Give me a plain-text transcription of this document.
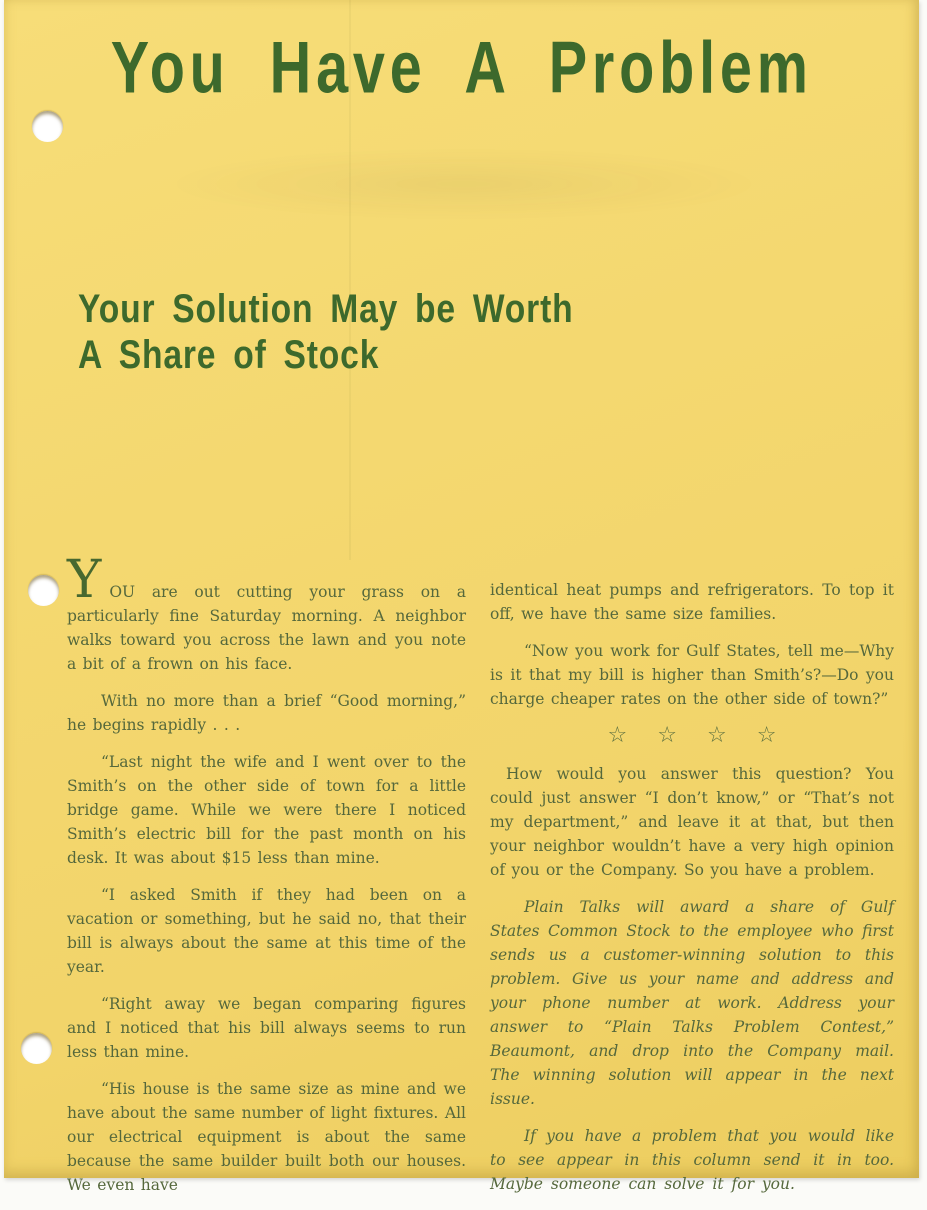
You Have A Problem
Your Solution May be Worth
A Share of Stock

YOU are out cutting your grass on a particularly fine Saturday morning. A neighbor walks toward you across the lawn and you note a bit of a frown on his face.

With no more than a brief “Good morning,” he begins rapidly . . .

“Last night the wife and I went over to the Smith’s on the other side of town for a little bridge game. While we were there I noticed Smith’s electric bill for the past month on his desk. It was about $15 less than mine.

“I asked Smith if they had been on a vacation or something, but he said no, that their bill is always about the same at this time of the year.

“Right away we began comparing figures and I noticed that his bill always seems to run less than mine.

“His house is the same size as mine and we have about the same number of light fixtures. All our electrical equipment is about the same because the same builder built both our houses. We even have

identical heat pumps and refrigerators. To top it off, we have the same size families.

“Now you work for Gulf States, tell me—Why is it that my bill is higher than Smith’s?—Do you charge cheaper rates on the other side of town?”

☆ ☆ ☆ ☆

How would you answer this question? You could just answer “I don’t know,” or “That’s not my department,” and leave it at that, but then your neighbor wouldn’t have a very high opinion of you or the Company. So you have a problem.

Plain Talks will award a share of Gulf States Common Stock to the employee who first sends us a customer-winning solution to this problem. Give us your name and address and your phone number at work. Address your answer to “Plain Talks Problem Contest,” Beaumont, and drop into the Company mail. The winning solution will appear in the next issue.

If you have a problem that you would like to see appear in this column send it in too. Maybe someone can solve it for you.
